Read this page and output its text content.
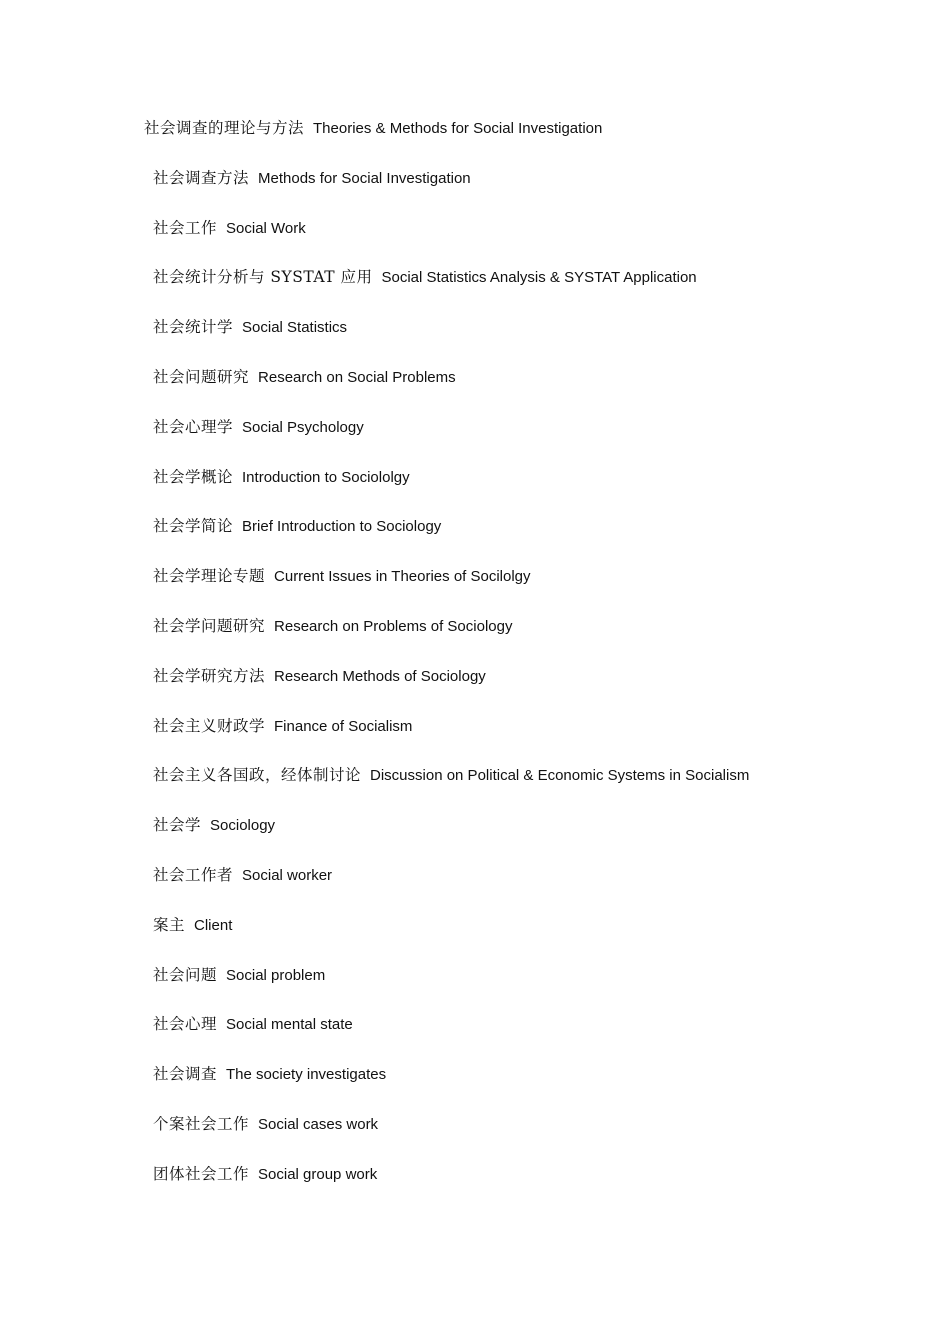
社会调查的理论与方法 Theories & Methods for Social Investigation
社会调查方法 Methods for Social Investigation
社会工作 Social Work
社会统计分析与 SYSTAT 应用 Social Statistics Analysis & SYSTAT Application
社会统计学 Social Statistics
社会问题研究 Research on Social Problems
社会心理学 Social Psychology
社会学概论 Introduction to Sociololgy
社会学简论 Brief Introduction to Sociology
社会学理论专题 Current Issues in Theories of Socilolgy
社会学问题研究 Research on Problems of Sociology
社会学研究方法 Research Methods of Sociology
社会主义财政学 Finance of Socialism
社会主义各国政，经体制讨论 Discussion on Political & Economic Systems in Socialism
社会学 Sociology
社会工作者 Social worker
案主 Client
社会问题 Social problem
社会心理 Social mental state
社会调查 The society investigates
个案社会工作 Social cases work
团体社会工作 Social group work
